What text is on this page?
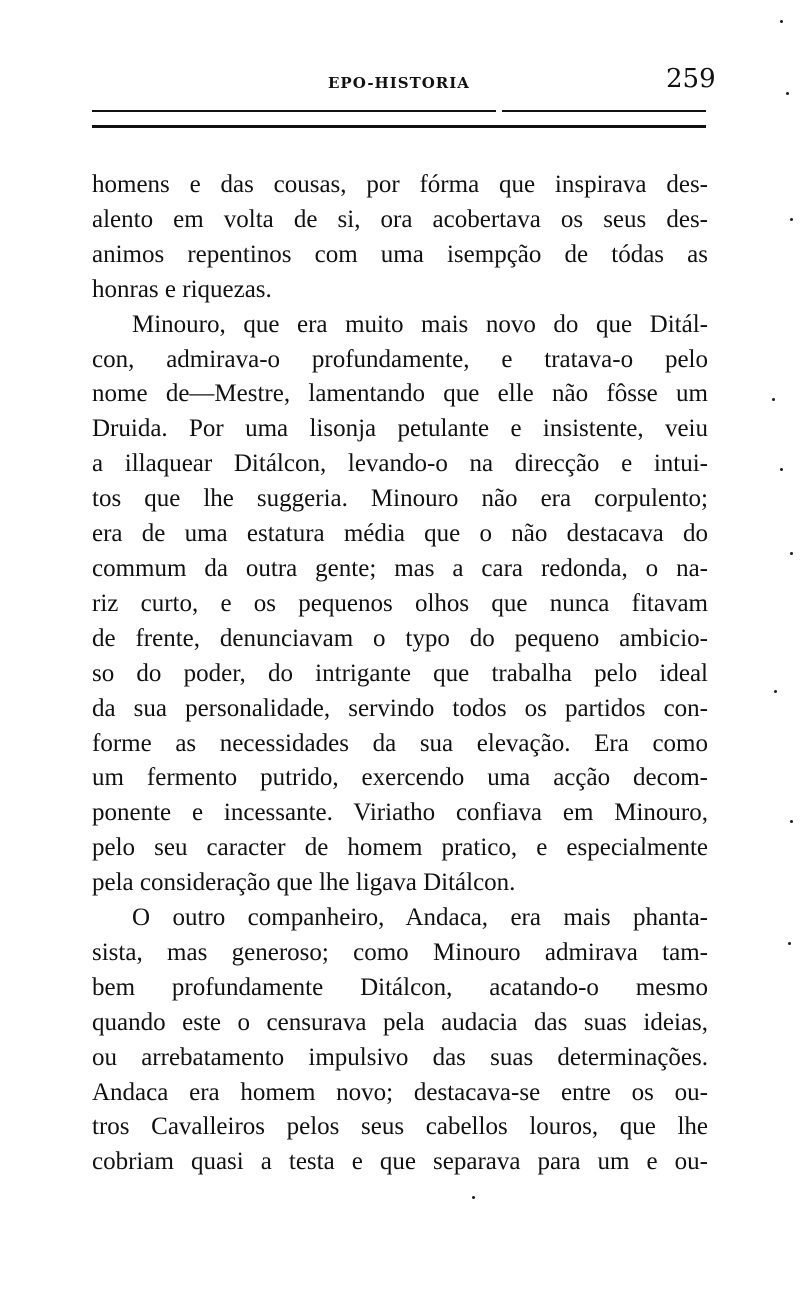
EPO-HISTORIA	259
homens e das cousas, por fórma que inspirava des-
alento em volta de si, ora acobertava os seus des-
animos repentinos com uma isempção de tódas as
honras e riquezas.
Minouro, que era muito mais novo do que Ditál-
con, admirava-o profundamente, e tratava-o pelo
nome de—Mestre, lamentando que elle não fôsse um
Druida. Por uma lisonja petulante e insistente, veiu
a illaquear Ditálcon, levando-o na direcção e intui-
tos que lhe suggeria. Minouro não era corpulento;
era de uma estatura média que o não destacava do
commum da outra gente; mas a cara redonda, o na-
riz curto, e os pequenos olhos que nunca fitavam
de frente, denunciavam o typo do pequeno ambicio-
so do poder, do intrigante que trabalha pelo ideal
da sua personalidade, servindo todos os partidos con-
forme as necessidades da sua elevação. Era como
um fermento putrido, exercendo uma acção decom-
ponente e incessante. Viriatho confiava em Minouro,
pelo seu caracter de homem pratico, e especialmente
pela consideração que lhe ligava Ditálcon.
O outro companheiro, Andaca, era mais phanta-
sista, mas generoso; como Minouro admirava tam-
bem profundamente Ditálcon, acatando-o mesmo
quando este o censurava pela audacia das suas ideias,
ou arrebatamento impulsivo das suas determinações.
Andaca era homem novo; destacava-se entre os ou-
tros Cavalleiros pelos seus cabellos louros, que lhe
cobriam quasi a testa e que separava para um e ou-
